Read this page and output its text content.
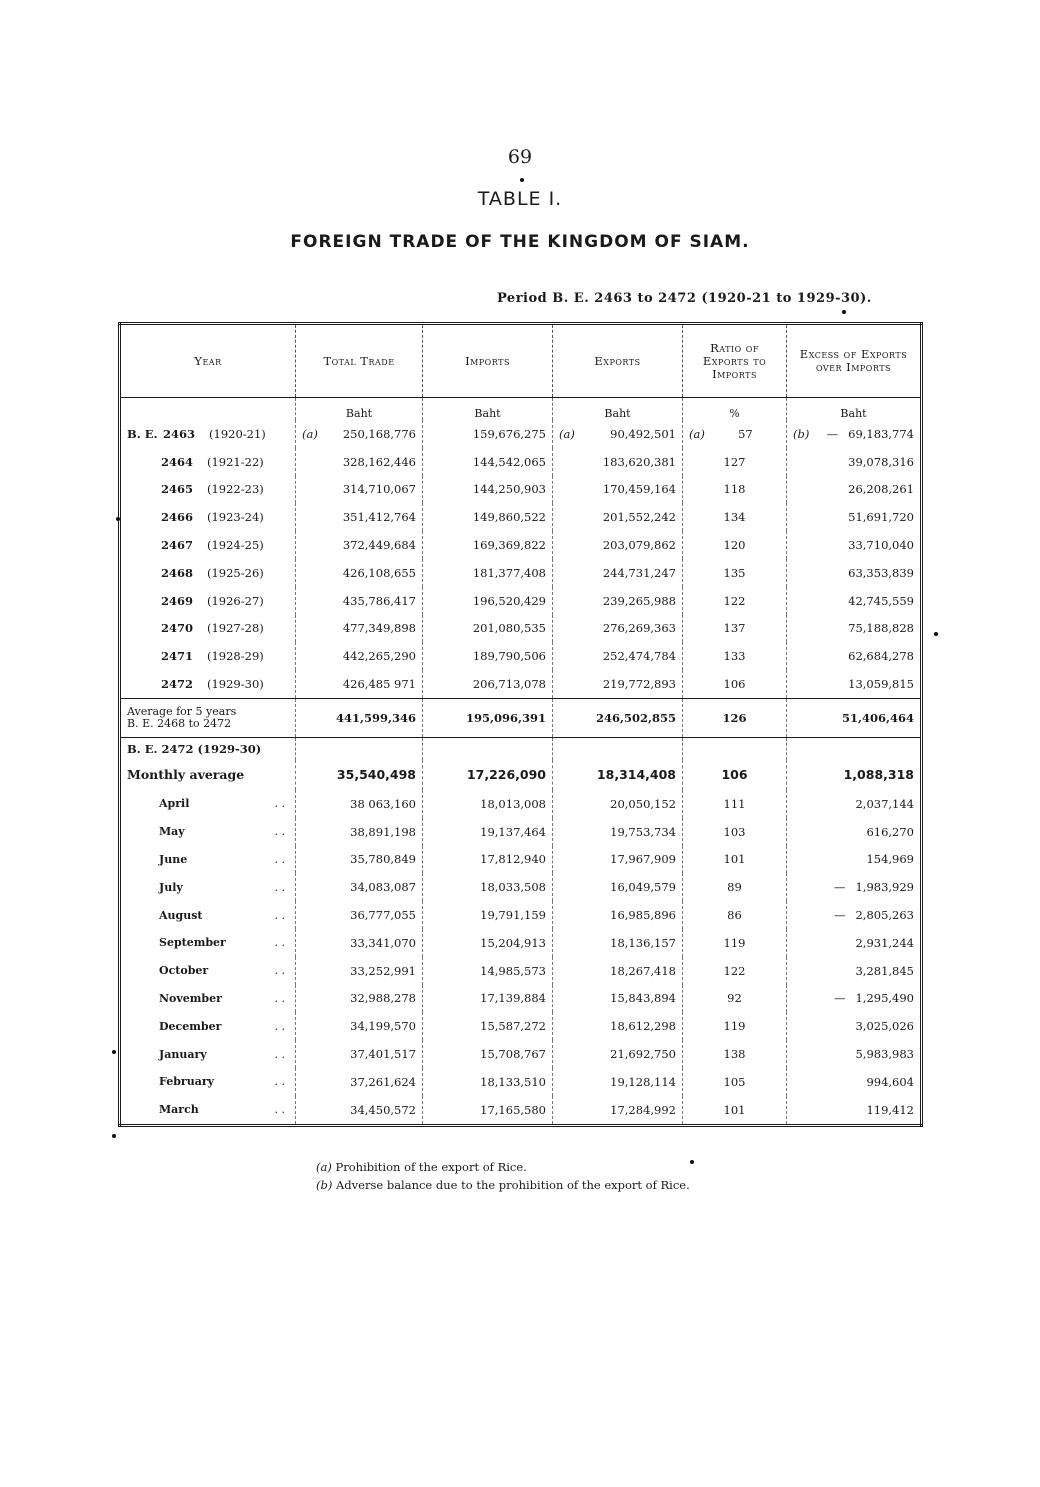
69
TABLE I.
FOREIGN TRADE OF THE KINGDOM OF SIAM.
Period B. E. 2463 to 2472 (1920-21 to 1929-30).
Year	Total Trade	Imports	Exports	Ratio of Exports to Imports	Excess of Exports over Imports
	Baht	Baht	Baht	%	Baht
B. E. 2463 (1920-21)	(a) 250,168,776	159,676,275	(a) 90,492,501	(a) 57	(b) — 69,183,774
2464 (1921-22)	328,162,446	144,542,065	183,620,381	127	39,078,316
2465 (1922-23)	314,710,067	144,250,903	170,459,164	118	26,208,261
2466 (1923-24)	351,412,764	149,860,522	201,552,242	134	51,691,720
2467 (1924-25)	372,449,684	169,369,822	203,079,862	120	33,710,040
2468 (1925-26)	426,108,655	181,377,408	244,731,247	135	63,353,839
2469 (1926-27)	435,786,417	196,520,429	239,265,988	122	42,745,559
2470 (1927-28)	477,349,898	201,080,535	276,269,363	137	75,188,828
2471 (1928-29)	442,265,290	189,790,506	252,474,784	133	62,684,278
2472 (1929-30)	426,485 971	206,713,078	219,772,893	106	13,059,815

Average for 5 years
B. E. 2468 to 2472	441,599,346	195,096,391	246,502,855	126	51,406,464
B. E. 2472 (1929-30)					
Monthly average	35,540,498	17,226,090	18,314,408	106	1,088,318
April . .	38 063,160	18,013,008	20,050,152	111	2,037,144
May . .	38,891,198	19,137,464	19,753,734	103	616,270
June . .	35,780,849	17,812,940	17,967,909	101	154,969
July . .	34,083,087	18,033,508	16,049,579	89	— 1,983,929
August . .	36,777,055	19,791,159	16,985,896	86	— 2,805,263
September . .	33,341,070	15,204,913	18,136,157	119	2,931,244
October . .	33,252,991	14,985,573	18,267,418	122	3,281,845
November . .	32,988,278	17,139,884	15,843,894	92	— 1,295,490
December . .	34,199,570	15,587,272	18,612,298	119	3,025,026
January . .	37,401,517	15,708,767	21,692,750	138	5,983,983
February . .	37,261,624	18,133,510	19,128,114	105	994,604
March . .	34,450,572	17,165,580	17,284,992	101	119,412
(a) Prohibition of the export of Rice.
(b) Adverse balance due to the prohibition of the export of Rice.
